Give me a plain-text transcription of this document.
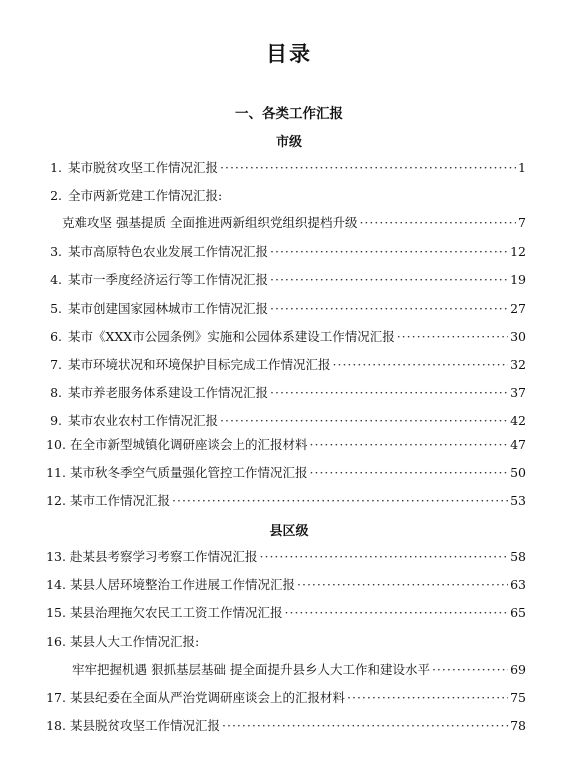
目录
一、各类工作汇报
市级
1. 某市脱贫攻坚工作情况汇报 ·····	1
2. 全市两新党建工作情况汇报:
克难攻坚 强基提质 全面推进两新组织党组织提档升级 ·····	7
3. 某市高原特色农业发展工作情况汇报 ·····	12
4. 某市一季度经济运行等工作情况汇报 ·····	19
5. 某市创建国家园林城市工作情况汇报 ·····	27
6. 某市《XXX市公园条例》实施和公园体系建设工作情况汇报 ·····	30
7. 某市环境状况和环境保护目标完成工作情况汇报 ·····	32
8. 某市养老服务体系建设工作情况汇报 ·····	37
9. 某市农业农村工作情况汇报 ·····	42
10. 在全市新型城镇化调研座谈会上的汇报材料 ·····	47
11. 某市秋冬季空气质量强化管控工作情况汇报 ·····	50
12. 某市工作情况汇报 ·····	53
县区级
13. 赴某县考察学习考察工作情况汇报 ·····	58
14. 某县人居环境整治工作进展工作情况汇报 ·····	63
15. 某县治理拖欠农民工工资工作情况汇报 ·····	65
16. 某县人大工作情况汇报:
牢牢把握机遇 狠抓基层基础 提全面提升县乡人大工作和建设水平 ·····	69
17. 某县纪委在全面从严治党调研座谈会上的汇报材料 ·····	75
18. 某县脱贫攻坚工作情况汇报 ·····	78
